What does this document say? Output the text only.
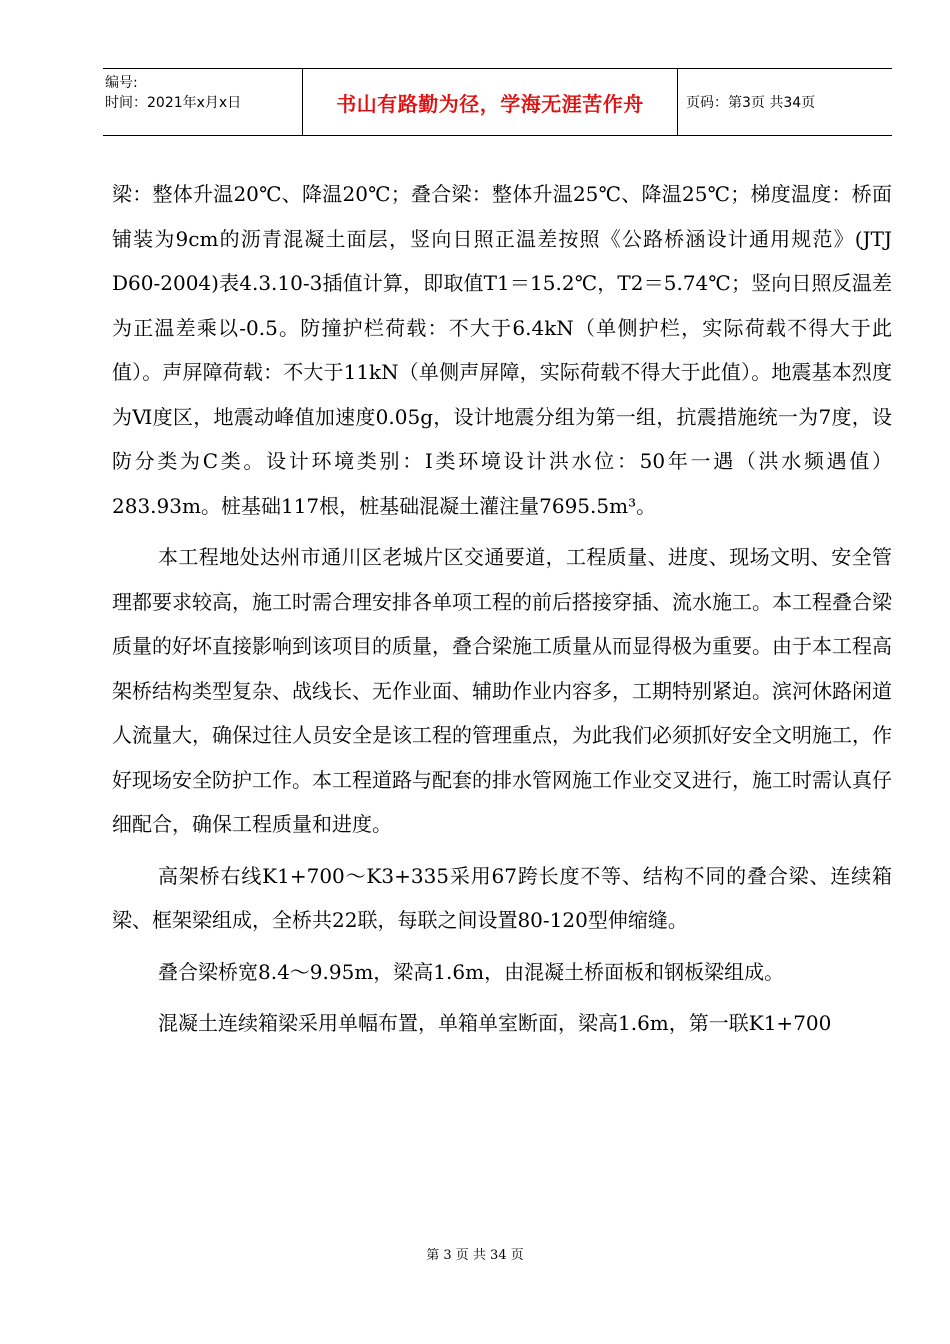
编号:
时间：2021年x月x日	书山有路勤为径，学海无涯苦作舟	页码：第3页 共34页

梁：整体升温20℃、降温20℃；叠合梁：整体升温25℃、降温25℃；梯度温度：桥面铺装为9cm的沥青混凝土面层，竖向日照正温差按照《公路桥涵设计通用规范》(JTJ D60-2004)表4.3.10-3插值计算，即取值T1＝15.2℃，T2＝5.74℃；竖向日照反温差为正温差乘以-0.5。防撞护栏荷载：不大于6.4kN（单侧护栏，实际荷载不得大于此值）。声屏障荷载：不大于11kN（单侧声屏障，实际荷载不得大于此值）。地震基本烈度为Ⅵ度区，地震动峰值加速度0.05g，设计地震分组为第一组，抗震措施统一为7度，设防分类为C类。设计环境类别：Ⅰ类环境设计洪水位：50年一遇（洪水频遇值）283.93m。桩基础117根，桩基础混凝土灌注量7695.5m³。

本工程地处达州市通川区老城片区交通要道，工程质量、进度、现场文明、安全管理都要求较高，施工时需合理安排各单项工程的前后搭接穿插、流水施工。本工程叠合梁质量的好坏直接影响到该项目的质量，叠合梁施工质量从而显得极为重要。由于本工程高架桥结构类型复杂、战线长、无作业面、辅助作业内容多，工期特别紧迫。滨河休路闲道人流量大，确保过往人员安全是该工程的管理重点，为此我们必须抓好安全文明施工，作好现场安全防护工作。本工程道路与配套的排水管网施工作业交叉进行，施工时需认真仔细配合，确保工程质量和进度。

高架桥右线K1+700～K3+335采用67跨长度不等、结构不同的叠合梁、连续箱梁、框架梁组成，全桥共22联，每联之间设置80-120型伸缩缝。

叠合梁桥宽8.4～9.95m，梁高1.6m，由混凝土桥面板和钢板梁组成。

混凝土连续箱梁采用单幅布置，单箱单室断面，梁高1.6m，第一联K1+700

第 3 页 共 34 页
